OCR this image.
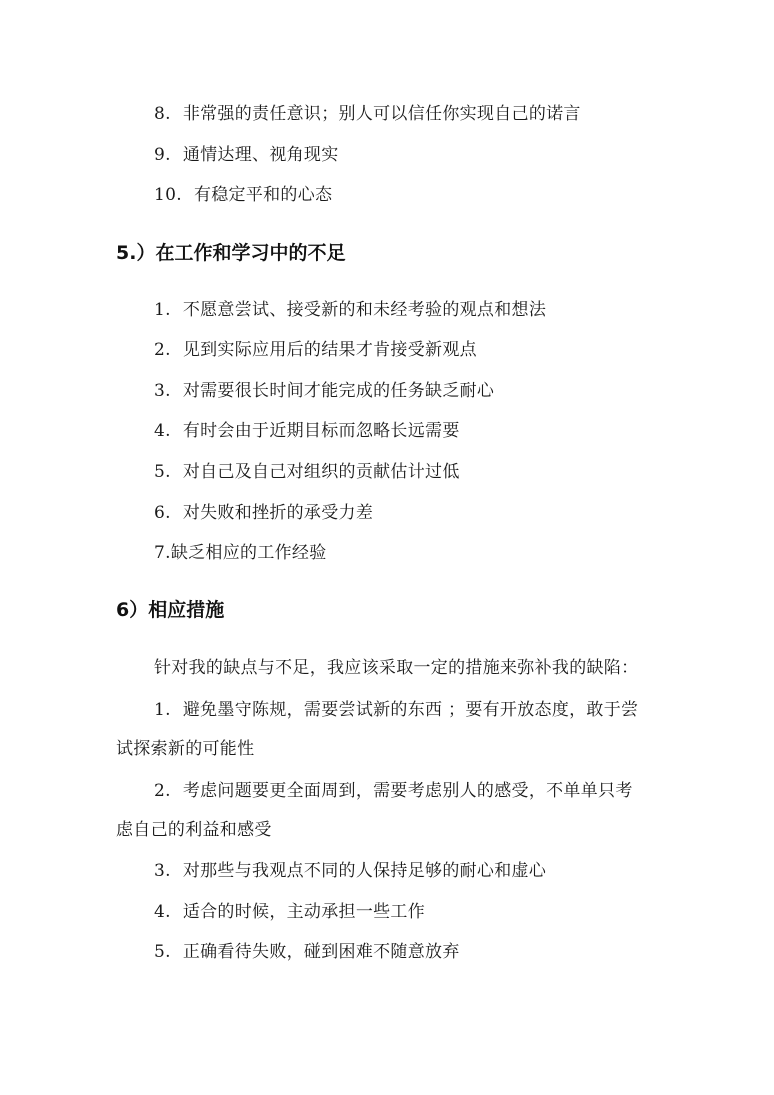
8. 非常强的责任意识；别人可以信任你实现自己的诺言
9. 通情达理、视角现实
10. 有稳定平和的心态
5.）在工作和学习中的不足
1. 不愿意尝试、接受新的和未经考验的观点和想法
2. 见到实际应用后的结果才肯接受新观点
3. 对需要很长时间才能完成的任务缺乏耐心
4. 有时会由于近期目标而忽略长远需要
5. 对自己及自己对组织的贡献估计过低
6. 对失败和挫折的承受力差
7.缺乏相应的工作经验
6）相应措施
针对我的缺点与不足，我应该采取一定的措施来弥补我的缺陷：
1. 避免墨守陈规，需要尝试新的东西 ；要有开放态度，敢于尝
试探索新的可能性
2. 考虑问题要更全面周到，需要考虑别人的感受，不单单只考
虑自己的利益和感受
3. 对那些与我观点不同的人保持足够的耐心和虚心
4. 适合的时候，主动承担一些工作
5. 正确看待失败，碰到困难不随意放弃
